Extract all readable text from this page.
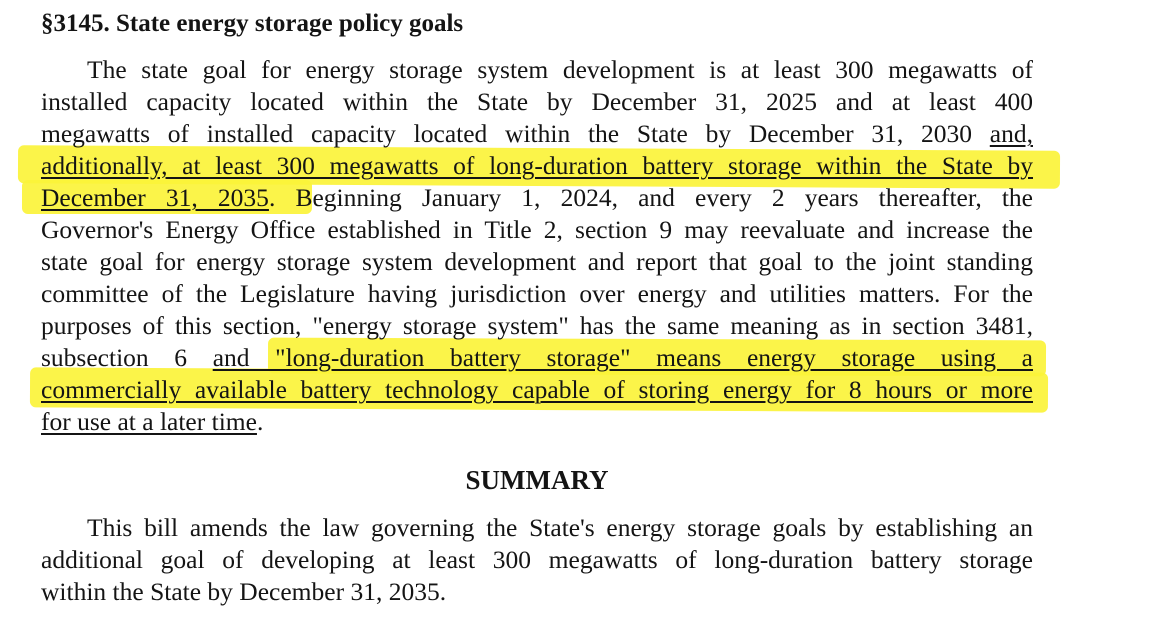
§3145. State energy storage policy goals
The state goal for energy storage system development is at least 300 megawatts of
installed capacity located within the State by December 31, 2025 and at least 400
megawatts of installed capacity located within the State by December 31, 2030 and,
additionally, at least 300 megawatts of long-duration battery storage within the State by
December 31, 2035. Beginning January 1, 2024, and every 2 years thereafter, the
Governor's Energy Office established in Title 2, section 9 may reevaluate and increase the
state goal for energy storage system development and report that goal to the joint standing
committee of the Legislature having jurisdiction over energy and utilities matters. For the
purposes of this section, "energy storage system" has the same meaning as in section 3481,
subsection 6 and "long-duration battery storage" means energy storage using a
commercially available battery technology capable of storing energy for 8 hours or more
for use at a later time.
SUMMARY
This bill amends the law governing the State's energy storage goals by establishing an
additional goal of developing at least 300 megawatts of long-duration battery storage
within the State by December 31, 2035.
